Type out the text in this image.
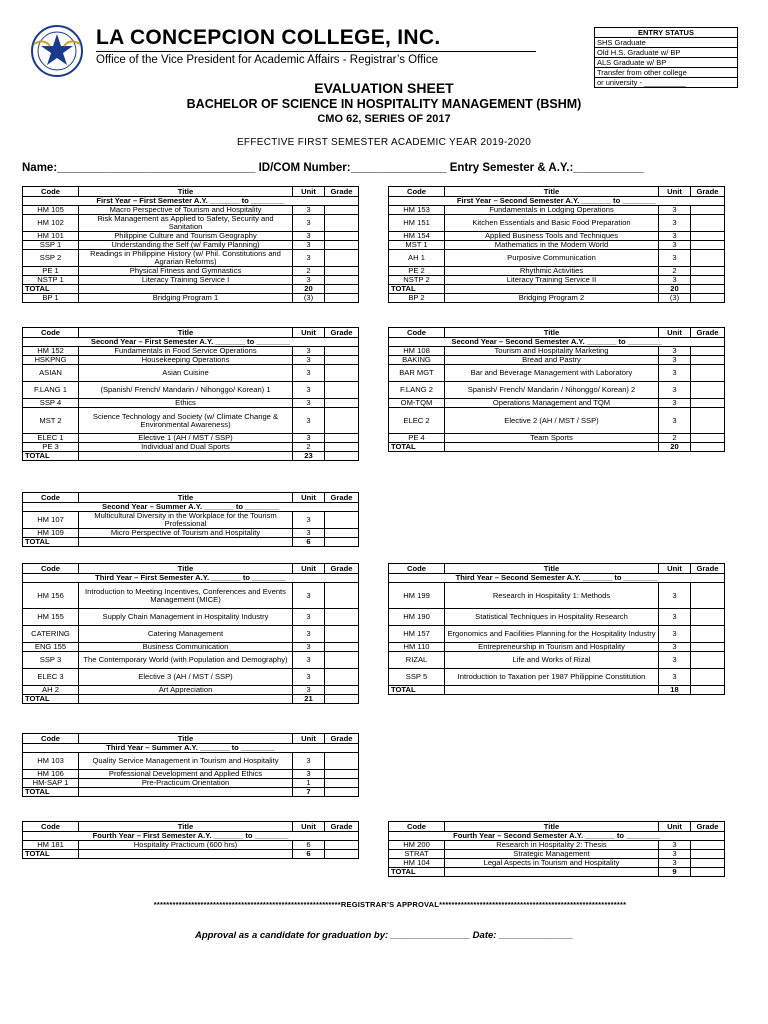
LA CONCEPCION COLLEGE, INC.
Office of the Vice President for Academic Affairs - Registrar’s Office
ENTRY STATUS
SHS Graduate
Old H.S. Graduate w/ BP
ALS Graduate w/ BP
Transfer from other college
or university - __________
EVALUATION SHEET
BACHELOR OF SCIENCE IN HOSPITALITY MANAGEMENT (BSHM)
CMO 62, SERIES OF 2017
EFFECTIVE FIRST SEMESTER ACADEMIC YEAR 2019-2020
Name:_______________________________ ID/COM Number:_______________ Entry Semester & A.Y.:___________
Code	Title	Unit	Grade
First Year – First Semester A.Y. _______ to ________			
HM 105	Macro Perspective of Tourism and Hospitality	3	
HM 102	Risk Management as Applied to Safety, Security and Sanitation	3	
HM 101	Philippine Culture and Tourism Geography	3	
SSP 1	Understanding the Self (w/ Family Planning)	3	
SSP 2	Readings in Philippine History (w/ Phil. Constitutions and Agrarian Reforms)	3	
PE 1	Physical Fitness and Gymnastics	2	
NSTP 1	Literacy Training Service I	3	
TOTAL		20	
BP 1	Bridging Program 1	(3)	
Code	Title	Unit	Grade
First Year – Second Semester A.Y. _______ to ________			
HM 153	Fundamentals in Lodging Operations	3	
HM 151	Kitchen Essentials and Basic Food Preparation	3	
HM 154	Applied Business Tools and Techniques	3	
MST 1	Mathematics in the Modern World	3	
AH 1	Purposive Communication	3	
PE 2	Rhythmic Activities	2	
NSTP 2	Literacy Training Service II	3	
TOTAL		20	
BP 2	Bridging Program 2	(3)	
Code	Title	Unit	Grade
Second Year – First Semester A.Y. _______ to ________			
HM 152	Fundamentals in Food Service Operations	3	
HSKPNG	Housekeeping Operations	3	
ASIAN	Asian Cuisine	3	
F.LANG 1	(Spanish/ French/ Mandarin / Nihonggo/ Korean) 1	3	
SSP 4	Ethics	3	
MST 2	Science Technology and Society (w/ Climate Change & Environmental Awareness)	3	
ELEC 1	Elective 1 (AH / MST / SSP)	3	
PE 3	Individual and Dual Sports	2	
TOTAL		23	
Code	Title	Unit	Grade
Second Year – Second Semester A.Y. _______ to ________			
HM 108	Tourism and Hospitality Marketing	3	
BAKING	Bread and Pastry	3	
BAR MGT	Bar and Beverage Management with Laboratory	3	
F.LANG 2	Spanish/ French/ Mandarin / Nihonggo/ Korean) 2	3	
OM-TQM	Operations Management and TQM	3	
ELEC 2	Elective 2 (AH / MST / SSP)	3	
PE 4	Team Sports	2	
TOTAL		20	
Code	Title	Unit	Grade
Second Year – Summer A.Y. _______ to ________			
HM 107	Multicultural Diversity in the Workplace for the Tourism Professional	3	
HM 109	Micro Perspective of Tourism and Hospitality	3	
TOTAL		6	
Code	Title	Unit	Grade
Third Year – First Semester A.Y. _______ to ________			
HM 156	Introduction to Meeting Incentives, Conferences and Events Management (MICE)	3	
HM 155	Supply Chain Management in Hospitality Industry	3	
CATERING	Catering Management	3	
ENG 155	Business Communication	3	
SSP 3	The Contemporary World (with Population and Demography)	3	
ELEC 3	Elective 3 (AH / MST / SSP)	3	
AH 2	Art Appreciation	3	
TOTAL		21	
Code	Title	Unit	Grade
Third Year – Second Semester A.Y. _______ to ________			
HM 199	Research in Hospitality 1: Methods	3	
HM 190	Statistical Techniques in Hospitality Research	3	
HM 157	Ergonomics and Facilities Planning for the Hospitality Industry	3	
HM 110	Entrepreneurship in Tourism and Hospitality	3	
RIZAL	Life and Works of Rizal	3	
SSP 5	Introduction to Taxation per 1987 Philippine Constitution	3	
TOTAL		18	
Code	Title	Unit	Grade
Third Year – Summer A.Y. _______ to ________			
HM 103	Quality Service Management in Tourism and Hospitality	3	
HM 106	Professional Development and Applied Ethics	3	
HM-SAP 1	Pre-Practicum Orientation	1	
TOTAL		7	
Code	Title	Unit	Grade
Fourth Year – First Semester A.Y. _______ to ________			
HM 181	Hospitality Practicum (600 hrs)	6	
TOTAL		6	
Code	Title	Unit	Grade
Fourth Year – Second Semester A.Y. _______ to ________			
HM 200	Research in Hospitality 2: Thesis	3	
STRAT	Strategic Management	3	
HM 104	Legal Aspects in Tourism and Hospitality	3	
TOTAL		9	
************************************************************REGISTRAR’S APPROVAL************************************************************
Approval as a candidate for graduation by: _______________ Date: ______________
